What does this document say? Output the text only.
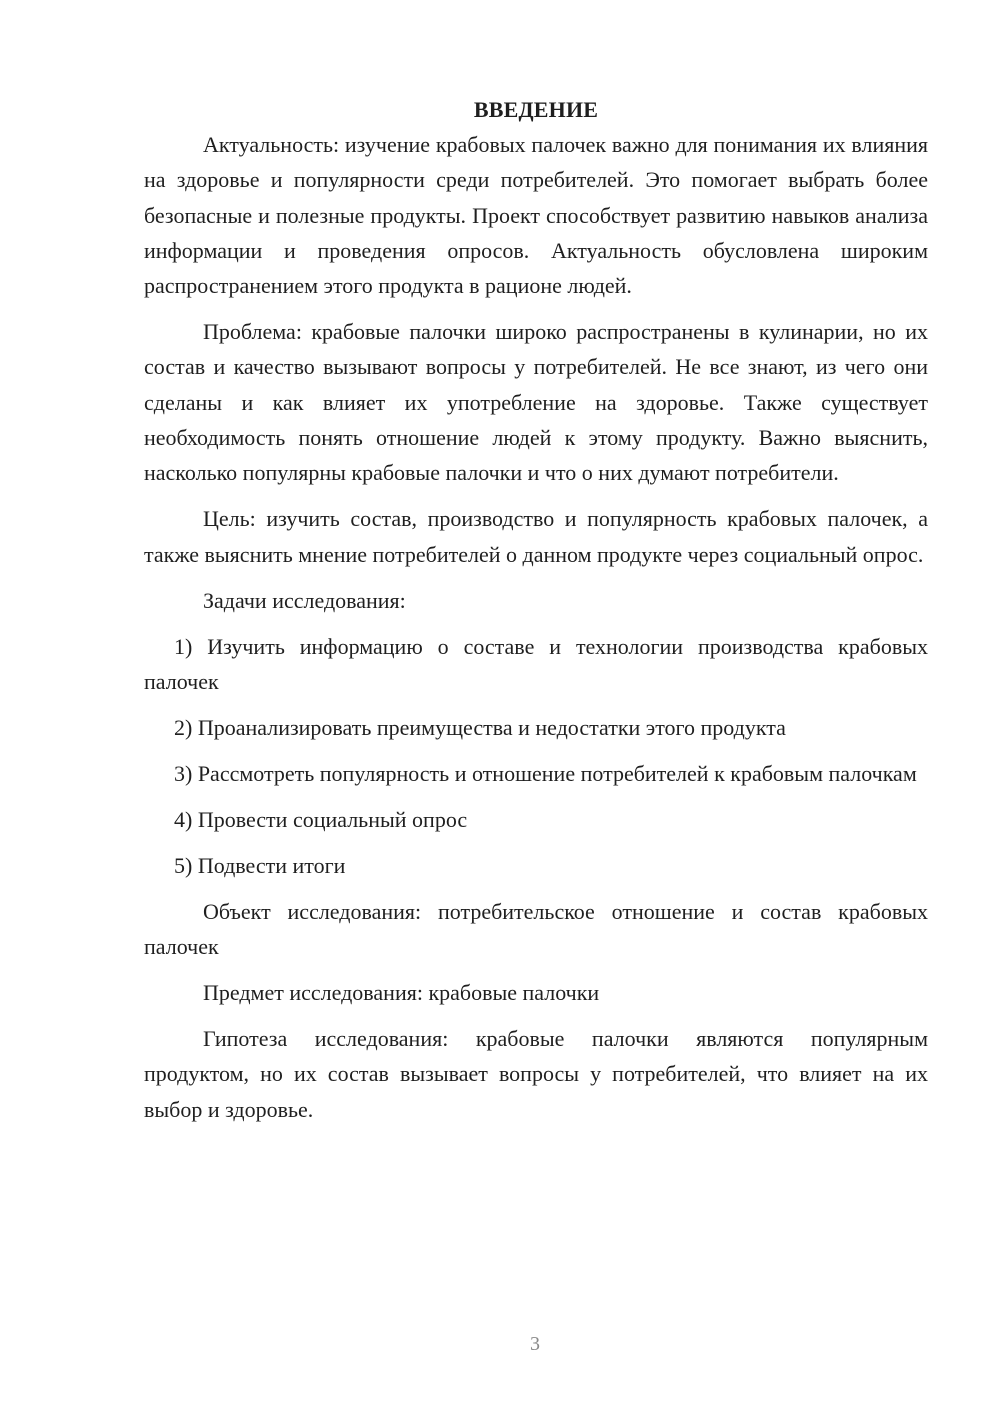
ВВЕДЕНИЕ

Актуальность: изучение крабовых палочек важно для понимания их влияния на здоровье и популярности среди потребителей. Это помогает выбрать более безопасные и полезные продукты. Проект способствует развитию навыков анализа информации и проведения опросов. Актуальность обусловлена широким распространением этого продукта в рационе людей.

Проблема: крабовые палочки широко распространены в кулинарии, но их состав и качество вызывают вопросы у потребителей. Не все знают, из чего они сделаны и как влияет их употребление на здоровье. Также существует необходимость понять отношение людей к этому продукту. Важно выяснить, насколько популярны крабовые палочки и что о них думают потребители.

Цель: изучить состав, производство и популярность крабовых палочек, а также выяснить мнение потребителей о данном продукте через социальный опрос.

Задачи исследования:

1) Изучить информацию о составе и технологии производства крабовых палочек

2) Проанализировать преимущества и недостатки этого продукта

3) Рассмотреть популярность и отношение потребителей к крабовым палочкам

4) Провести социальный опрос

5) Подвести итоги

Объект исследования: потребительское отношение и состав крабовых палочек

Предмет исследования: крабовые палочки

Гипотеза исследования: крабовые палочки являются популярным продуктом, но их состав вызывает вопросы у потребителей, что влияет на их выбор и здоровье.

3
